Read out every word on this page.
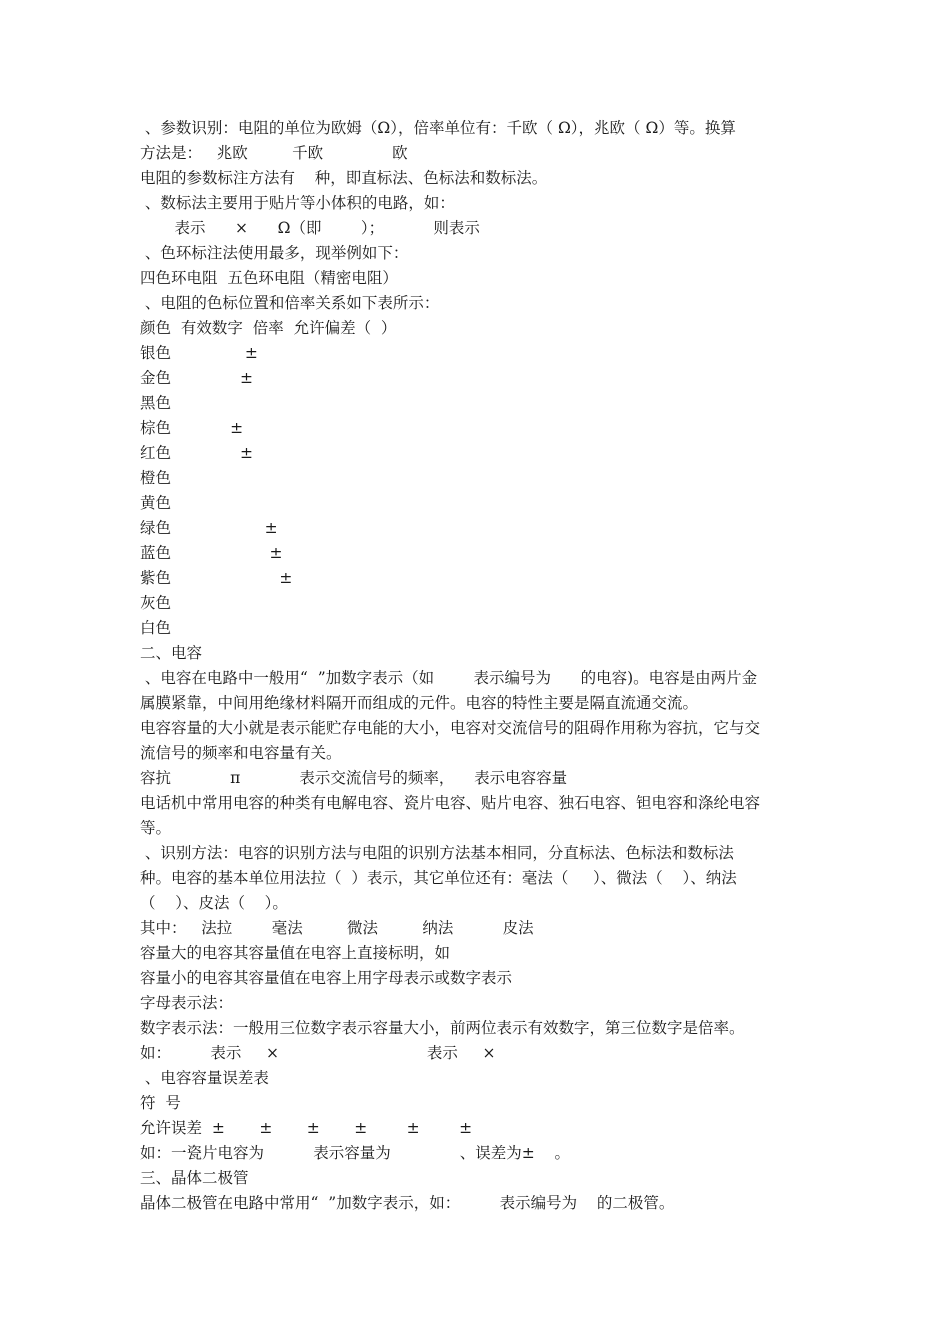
、参数识别：电阻的单位为欧姆（Ω），倍率单位有：千欧（ Ω），兆欧（ Ω）等。换算

方法是：   兆欧         千欧              欧

电阻的参数标注方法有    种，即直标法、色标法和数标法。

、数标法主要用于贴片等小体积的电路，如：

表示      ×      Ω（即        ）；          则表示

、色环标注法使用最多，现举例如下：

四色环电阻  五色环电阻（精密电阻）

、电阻的色标位置和倍率关系如下表所示：

颜色  有效数字  倍率  允许偏差（  ）

银色               ±

金色              ±

黑色

棕色            ±

红色              ±

橙色

黄色

绿色                   ±

蓝色                    ±

紫色                      ±

灰色

白色

二、电容

、电容在电路中一般用“  ”加数字表示（如        表示编号为      的电容)。电容是由两片金

属膜紧靠，中间用绝缘材料隔开而组成的元件。电容的特性主要是隔直流通交流。

电容容量的大小就是表示能贮存电能的大小，电容对交流信号的阻碍作用称为容抗，它与交

流信号的频率和电容量有关。

容抗            π            表示交流信号的频率，    表示电容容量

电话机中常用电容的种类有电解电容、瓷片电容、贴片电容、独石电容、钽电容和涤纶电容

等。

、识别方法：电容的识别方法与电阻的识别方法基本相同，分直标法、色标法和数标法

种。电容的基本单位用法拉（  ）表示，其它单位还有：毫法（     ）、微法（    ）、纳法

（    ）、皮法（    ）。

其中：   法拉        毫法         微法         纳法          皮法

容量大的电容其容量值在电容上直接标明，如

容量小的电容其容量值在电容上用字母表示或数字表示

字母表示法：

数字表示法：一般用三位数字表示容量大小，前两位表示有效数字，第三位数字是倍率。

如：        表示     ×                              表示     ×

、电容容量误差表

符  号

允许误差  ±       ±       ±       ±        ±        ±

如：一瓷片电容为          表示容量为              、误差为±    。

三、晶体二极管

晶体二极管在电路中常用“  ”加数字表示，如：        表示编号为    的二极管。
